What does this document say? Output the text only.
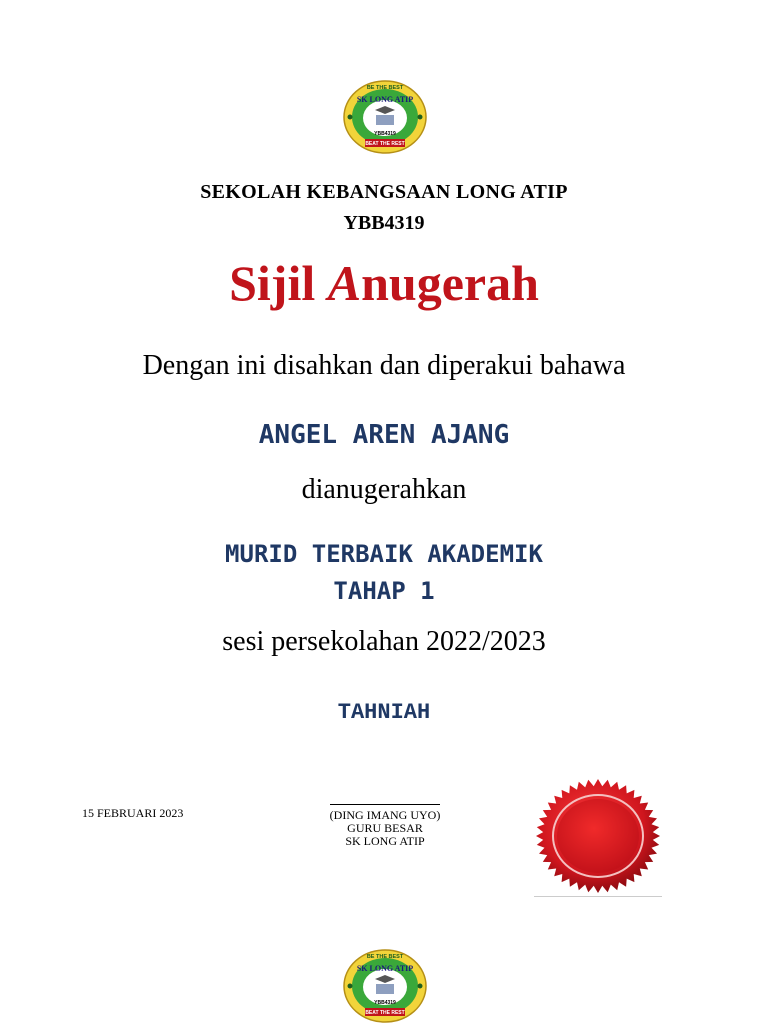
BE THE BEST
SK LONG ATIP
YBB4319
BEAT THE REST
SEKOLAH KEBANGSAAN LONG ATIP
YBB4319
Sijil Anugerah
Dengan ini disahkan dan diperakui bahawa
ANGEL AREN AJANG
dianugerahkan
MURID TERBAIK AKADEMIK
TAHAP 1
sesi persekolahan 2022/2023
TAHNIAH
15 FEBRUARI 2023	(DING IMANG UYO)
GURU BESAR
SK LONG ATIP
BE THE BEST
SK LONG ATIP
YBB4319
BEAT THE REST
